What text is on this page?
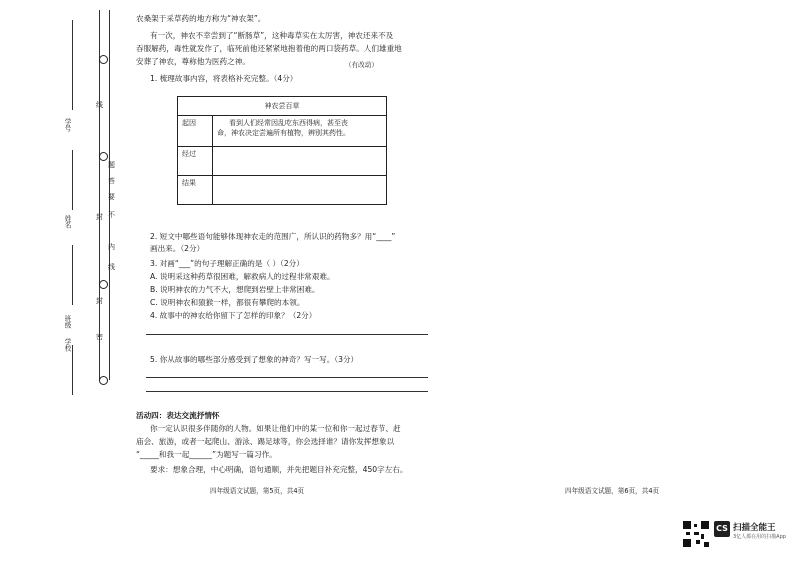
线
题
答
要
不
封
内
线
封
密
学号
姓名
班级
学校
农桑架于采草药的地方称为“神农架”。
有一次，神农不幸尝到了“断肠草”，这种毒草实在太厉害，神农还来不及
吞服解药，毒性就发作了，临死前他还紧紧地抱着他的两口袋药草。人们雄重地
安葬了神农，尊称他为医药之神。	（有改动）
1. 梳理故事内容，将表格补充完整。（4分）
神农尝百草	
起因	看到人们经常因乱吃东西得病，甚至丧
命，神农决定尝遍所有植物，辨别其药性。

经过	
结果	
2. 短文中哪些语句能够体现神农走的范围广，所认识的药物多？用“____”
画出来。（2分）
3. 对画“___”的句子理解正确的是（ ）（2分）
A. 说明采这种药草很困难，解救病人的过程非常艰难。
B. 说明神农的力气不大，想爬到岩壁上非常困难。
C. 说明神农和猿猴一样，都很有攀爬的本领。
4. 故事中的神农给你留下了怎样的印象？（2分）
5. 你从故事的哪些部分感受到了想象的神奇？写一写。（3分）
活动四：表达交流抒情怀
你一定认识很多伴随你的人物。如果让他们中的某一位和你一起过春节、赶
庙会、旅游，或者一起爬山、游泳、踢足球等，你会选择谁？请你发挥想象以
“_____和我一起______”为题写一篇习作。
要求：想象合理，中心明确，语句通顺，并先把题目补充完整，450字左右。
四年级语文试题，第5页，共4页	四年级语文试题，第6页，共4页
CS 扫描全能王
3亿人都在用的扫描App
